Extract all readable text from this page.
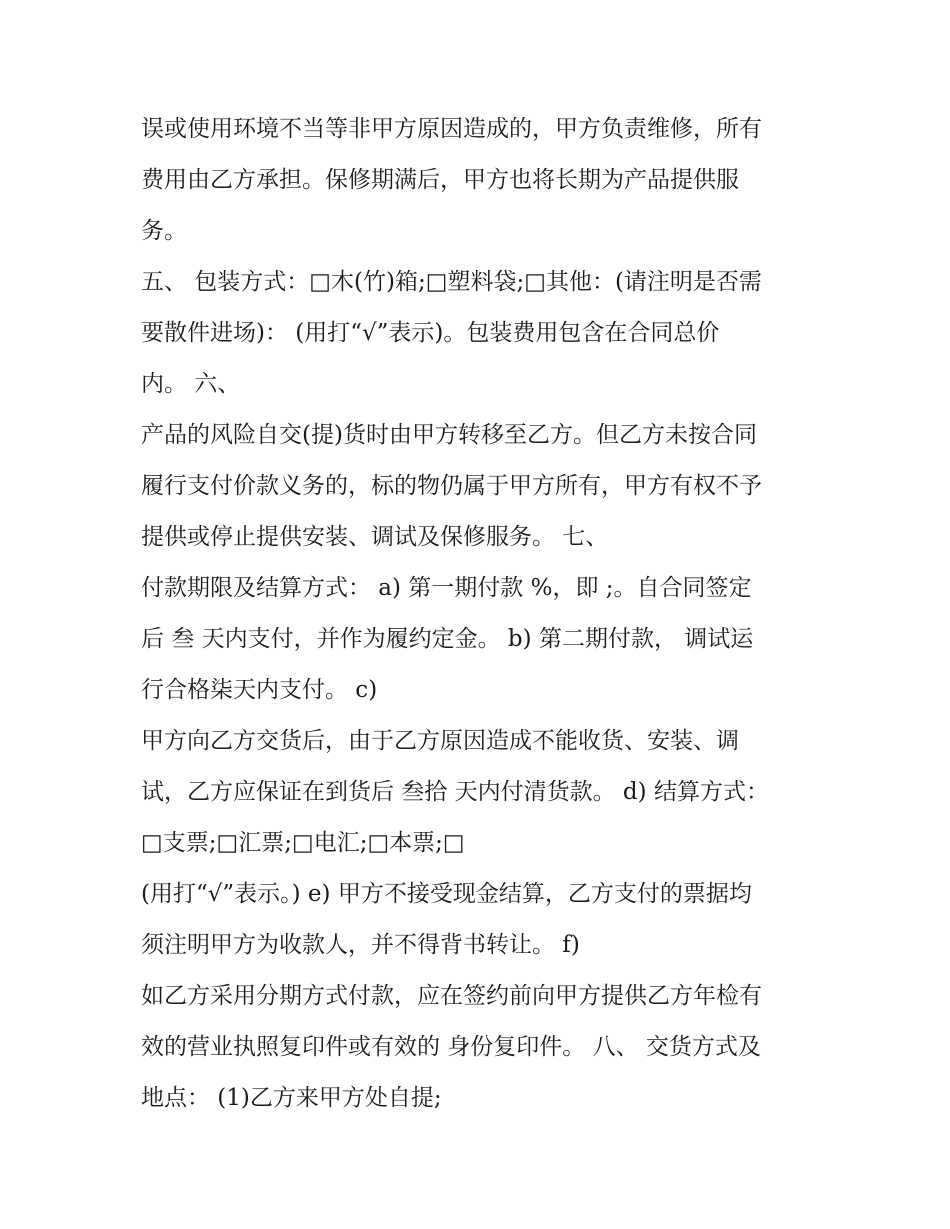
误或使用环境不当等非甲方原因造成的，甲方负责维修，所有
费用由乙方承担。保修期满后，甲方也将长期为产品提供服
务。
五、 包装方式：□木(竹)箱;□塑料袋;□其他：(请注明是否需
要散件进场)： (用打“√”表示)。包装费用包含在合同总价
内。 六、
产品的风险自交(提)货时由甲方转移至乙方。但乙方未按合同
履行支付价款义务的，标的物仍属于甲方所有，甲方有权不予
提供或停止提供安装、调试及保修服务。 七、
付款期限及结算方式： a) 第一期付款 %，即 ;。自合同签定
后 叁 天内支付，并作为履约定金。 b) 第二期付款， 调试运
行合格柒天内支付。 c)
甲方向乙方交货后，由于乙方原因造成不能收货、安装、调
试，乙方应保证在到货后 叁拾 天内付清货款。 d) 结算方式：
□支票;□汇票;□电汇;□本票;□
(用打“√”表示。) e) 甲方不接受现金结算，乙方支付的票据均
须注明甲方为收款人，并不得背书转让。 f)
如乙方采用分期方式付款，应在签约前向甲方提供乙方年检有
效的营业执照复印件或有效的 身份复印件。 八、 交货方式及
地点： (1)乙方来甲方处自提;
